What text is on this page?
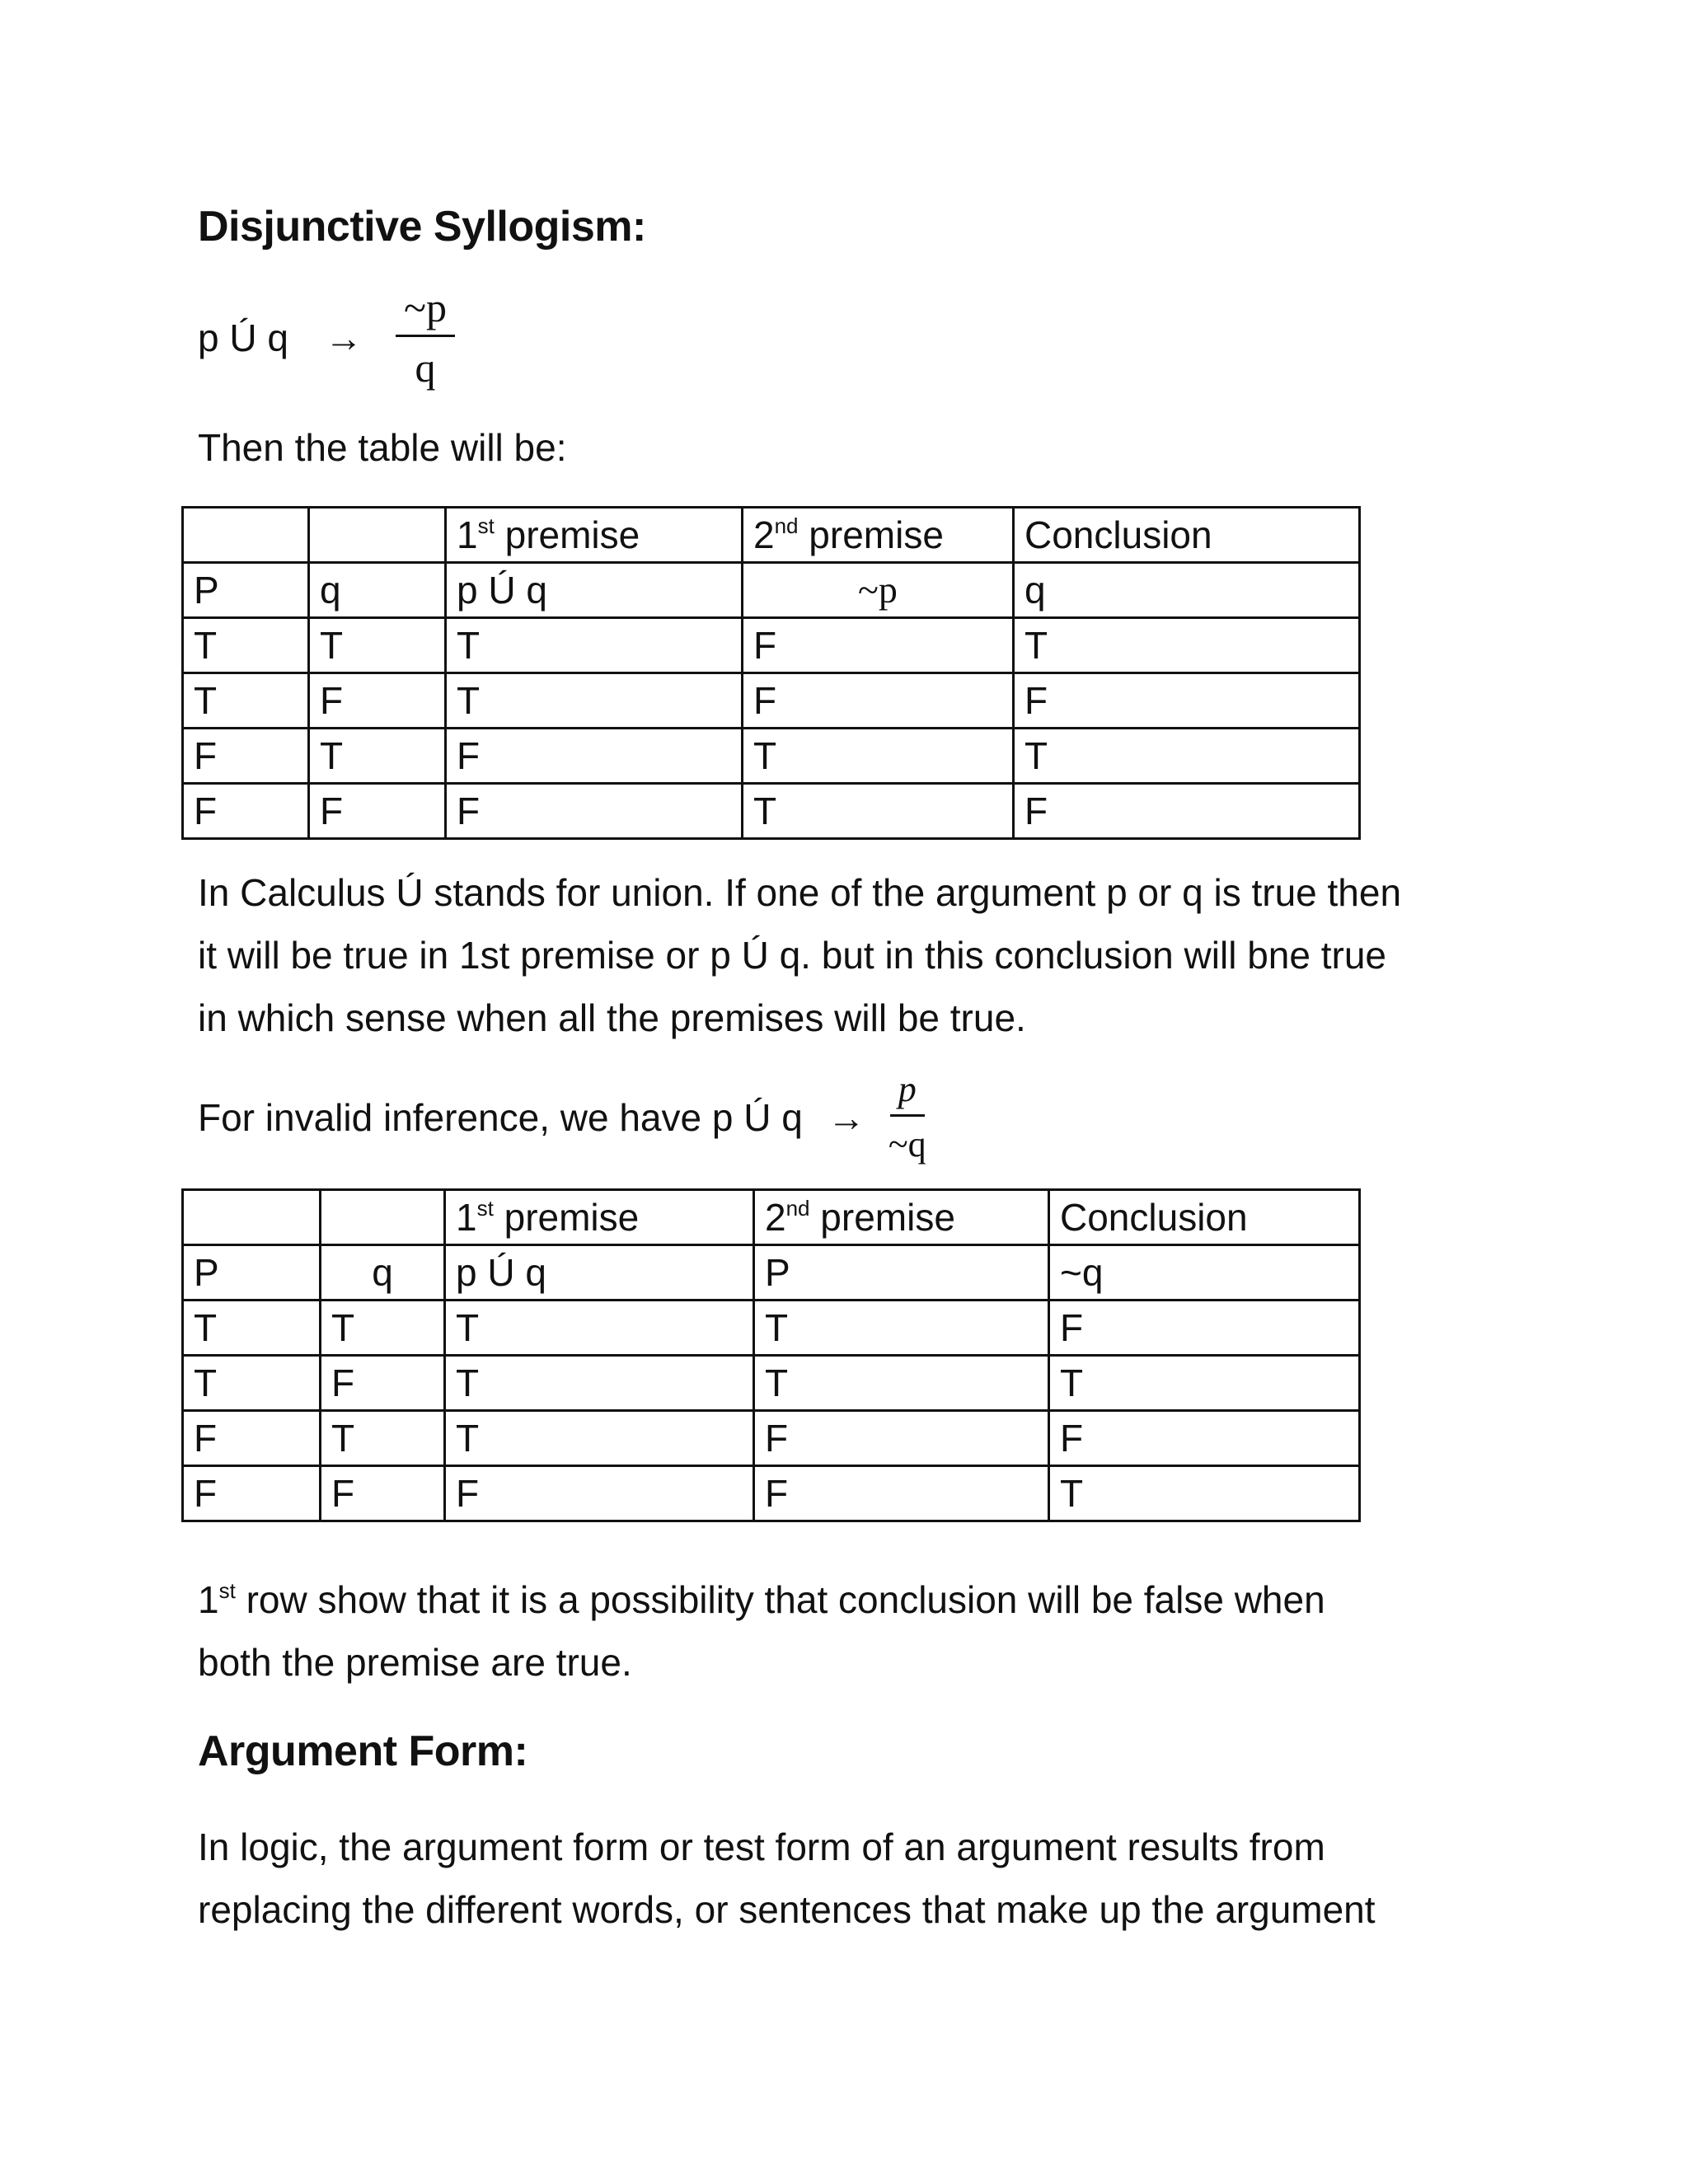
Disjunctive Syllogism:
p Ú $q \to \frac{\sim p}{q}$
Then the table will be:
		1st premise	2nd premise	Conclusion
P	q	p Ú q	~p	q
T	T	T	F	T
T	F	T	F	F
F	T	F	T	T
F	F	F	T	F
In Calculus Ú stands for union. If one of the argument p or q is true then
it will be true in 1st premise or p Ú q. but in this conclusion will bne true
in which sense when all the premises will be true.
For invalid inference, we have p Ú $q \to \frac{p}{\sim q}$
		1st premise	2nd premise	Conclusion
P	q	p Ú q	P	~q
T	T	T	T	F
T	F	T	T	T
F	T	T	F	F
F	F	F	F	T
1st row show that it is a possibility that conclusion will be false when
both the premise are true.
Argument Form:
In logic, the argument form or test form of an argument results from
replacing the different words, or sentences that make up the argument
